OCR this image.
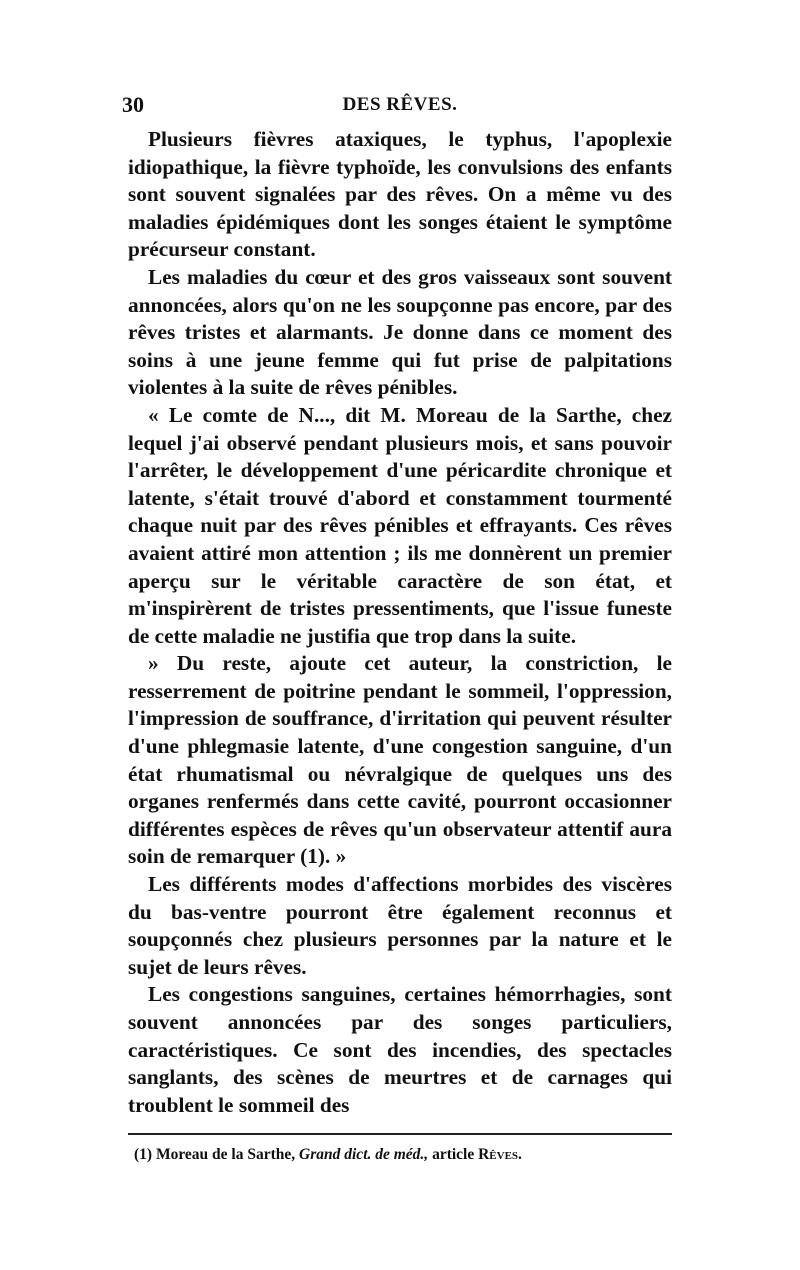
30	DES RÊVES.

Plusieurs fièvres ataxiques, le typhus, l'apoplexie idiopathique, la fièvre typhoïde, les convulsions des enfants sont souvent signalées par des rêves. On a même vu des maladies épidémiques dont les songes étaient le symptôme précurseur constant.

Les maladies du cœur et des gros vaisseaux sont souvent annoncées, alors qu'on ne les soupçonne pas encore, par des rêves tristes et alarmants. Je donne dans ce moment des soins à une jeune femme qui fut prise de palpitations violentes à la suite de rêves pénibles.

« Le comte de N..., dit M. Moreau de la Sarthe, chez lequel j'ai observé pendant plusieurs mois, et sans pouvoir l'arrêter, le développement d'une péricardite chronique et latente, s'était trouvé d'abord et constamment tourmenté chaque nuit par des rêves pénibles et effrayants. Ces rêves avaient attiré mon attention ; ils me donnèrent un premier aperçu sur le véritable caractère de son état, et m'inspirèrent de tristes pressentiments, que l'issue funeste de cette maladie ne justifia que trop dans la suite.

» Du reste, ajoute cet auteur, la constriction, le resserrement de poitrine pendant le sommeil, l'oppression, l'impression de souffrance, d'irritation qui peuvent résulter d'une phlegmasie latente, d'une congestion sanguine, d'un état rhumatismal ou névralgique de quelques uns des organes renfermés dans cette cavité, pourront occasionner différentes espèces de rêves qu'un observateur attentif aura soin de remarquer (1). »

Les différents modes d'affections morbides des viscères du bas-ventre pourront être également reconnus et soupçonnés chez plusieurs personnes par la nature et le sujet de leurs rêves.

Les congestions sanguines, certaines hémorrhagies, sont souvent annoncées par des songes particuliers, caractéristiques. Ce sont des incendies, des spectacles sanglants, des scènes de meurtres et de carnages qui troublent le sommeil des

(1) Moreau de la Sarthe, Grand dict. de méd., article Rêves.
